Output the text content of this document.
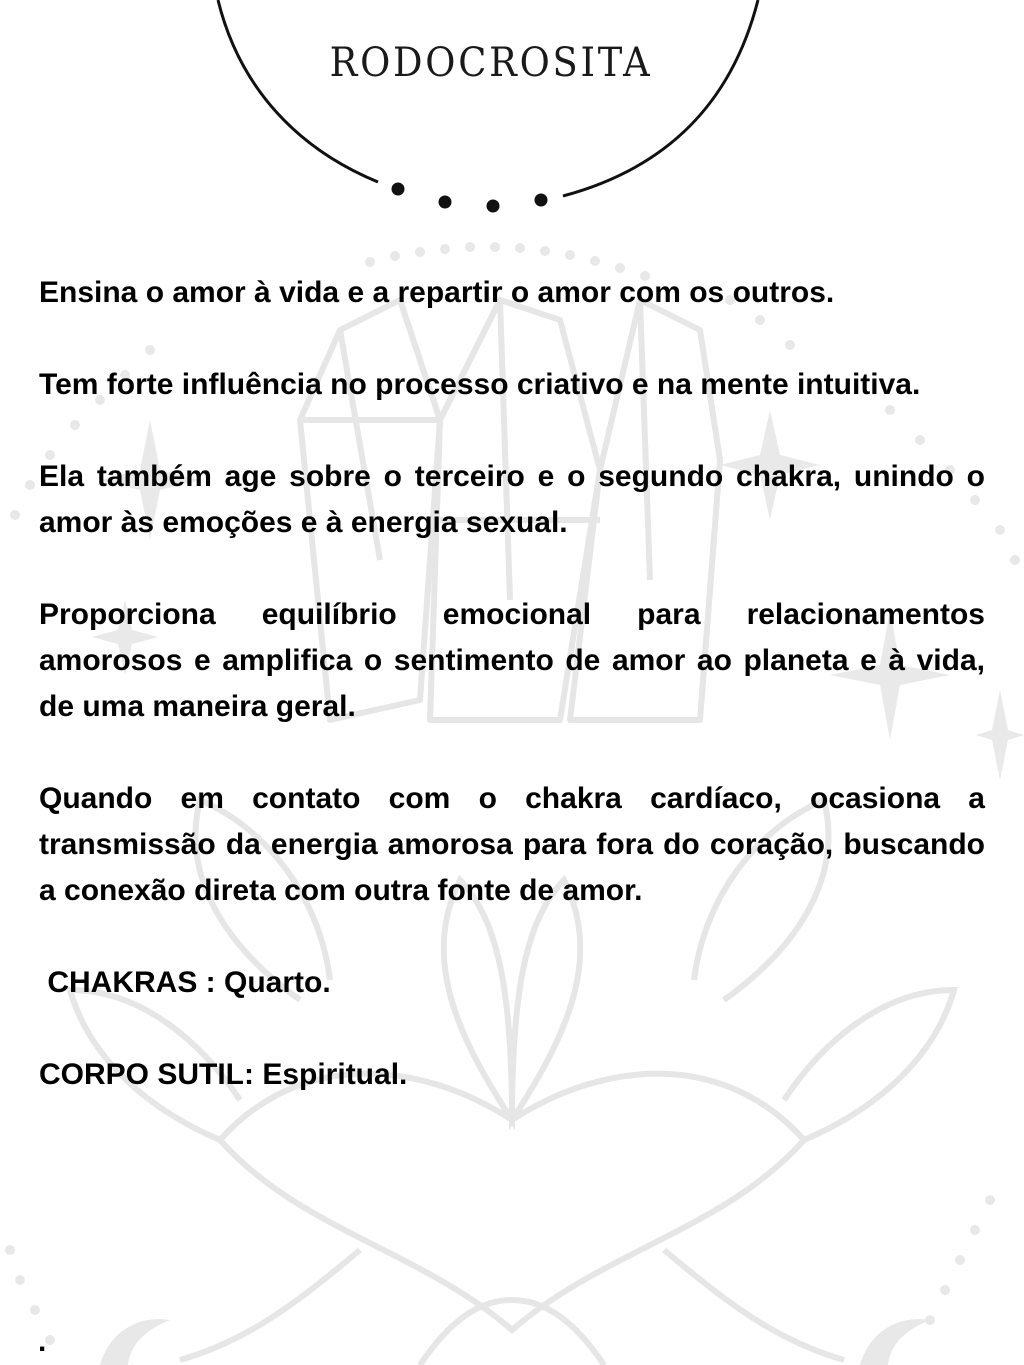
RODOCROSITA

Ensina o amor à vida e a repartir o amor com os outros.

Tem forte influência no processo criativo e na mente intuitiva.

Ela também age sobre o terceiro e o segundo chakra, unindo o amor às emoções e à energia sexual.

Proporciona equilíbrio emocional para relacionamentos amorosos e amplifica o sentimento de amor ao planeta e à vida, de uma maneira geral.

Quando em contato com o chakra cardíaco, ocasiona a transmissão da energia amorosa para fora do coração, buscando a conexão direta com outra fonte de amor.

CHAKRAS : Quarto.

CORPO SUTIL: Espiritual.

.
